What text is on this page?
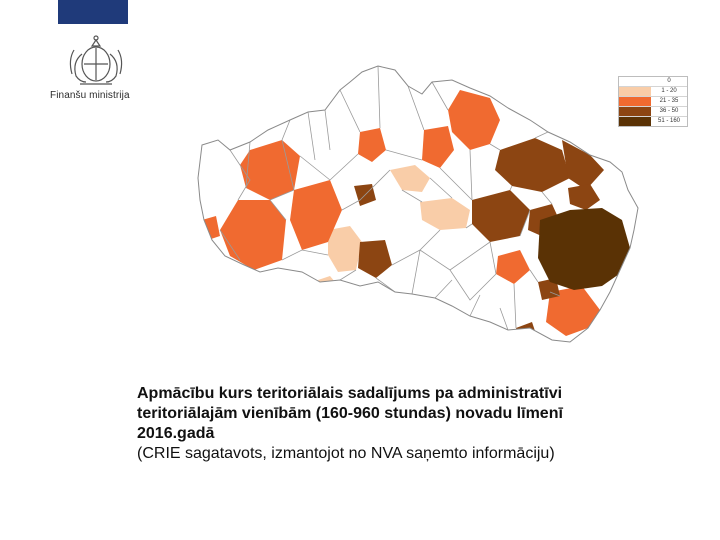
Finanšu ministrija
0
1 - 20
21 - 35
36 - 50
51 - 160
Apmācību kurs teritoriālais sadalījums pa administratīvi
teritoriālajām vienībām (160-960 stundas) novadu līmenī
2016.gadā
(CRIE sagatavots, izmantojot no NVA saņemto informāciju)
